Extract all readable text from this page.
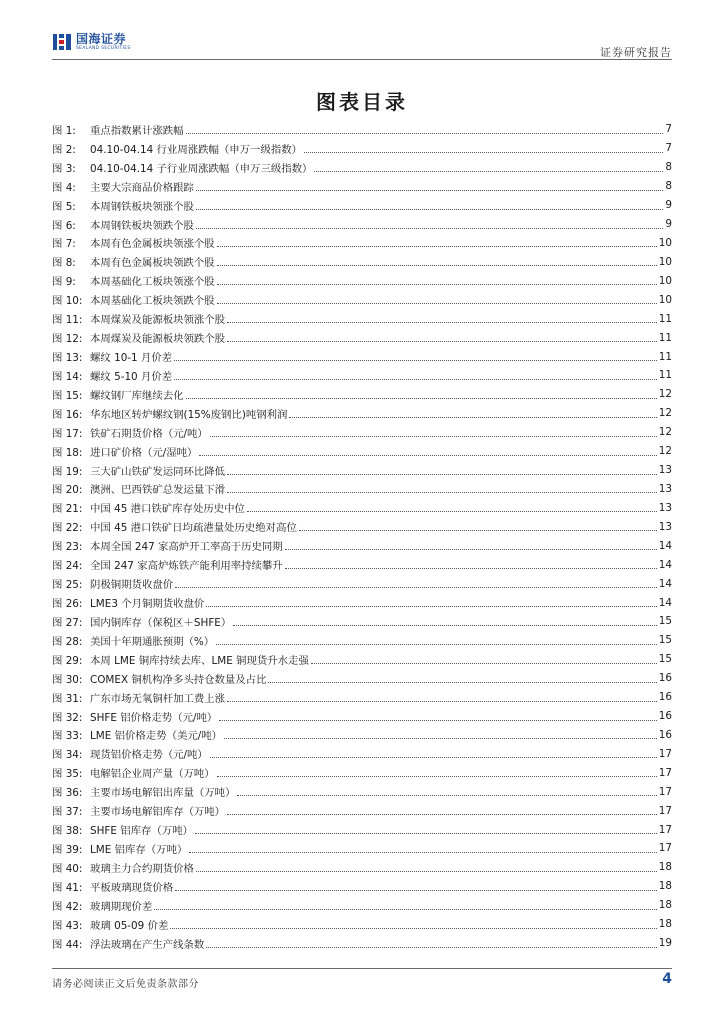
国海证券
SEALAND SECURITIES	证券研究报告
图表目录
图 1:	重点指数累计涨跌幅	7
图 2:	04.10-04.14 行业周涨跌幅（申万一级指数）	7
图 3:	04.10-04.14 子行业周涨跌幅（申万三级指数）	8
图 4:	主要大宗商品价格跟踪	8
图 5:	本周钢铁板块领涨个股	9
图 6:	本周钢铁板块领跌个股	9
图 7:	本周有色金属板块领涨个股	10
图 8:	本周有色金属板块领跌个股	10
图 9:	本周基础化工板块领涨个股	10
图 10: 本周基础化工板块领跌个股	10
图 11: 本周煤炭及能源板块领涨个股	11
图 12: 本周煤炭及能源板块领跌个股	11
图 13: 螺纹 10-1 月价差	11
图 14: 螺纹 5-10 月价差	11
图 15: 螺纹钢厂库继续去化	12
图 16: 华东地区转炉螺纹钢(15%废钢比)吨钢利润	12
图 17: 铁矿石期货价格（元/吨）	12
图 18: 进口矿价格（元/湿吨）	12
图 19: 三大矿山铁矿发运同环比降低	13
图 20: 澳洲、巴西铁矿总发运量下滑	13
图 21: 中国 45 港口铁矿库存处历史中位	13
图 22: 中国 45 港口铁矿日均疏港量处历史绝对高位	13
图 23: 本周全国 247 家高炉开工率高于历史同期	14
图 24: 全国 247 家高炉炼铁产能利用率持续攀升	14
图 25: 阴极铜期货收盘价	14
图 26: LME3 个月铜期货收盘价	14
图 27: 国内铜库存（保税区＋SHFE）	15
图 28: 美国十年期通胀预期（%）	15
图 29: 本周 LME 铜库持续去库、LME 铜现货升水走强	15
图 30: COMEX 铜机构净多头持仓数量及占比	16
图 31: 广东市场无氧铜杆加工费上涨	16
图 32: SHFE 铝价格走势（元/吨）	16
图 33: LME 铝价格走势（美元/吨）	16
图 34: 现货铝价格走势（元/吨）	17
图 35: 电解铝企业周产量（万吨）	17
图 36: 主要市场电解铝出库量（万吨）	17
图 37: 主要市场电解铝库存（万吨）	17
图 38: SHFE 铝库存（万吨）	17
图 39: LME 铝库存（万吨）	17
图 40: 玻璃主力合约期货价格	18
图 41: 平板玻璃现货价格	18
图 42: 玻璃期现价差	18
图 43: 玻璃 05-09 价差	18
图 44: 浮法玻璃在产生产线条数	19
请务必阅读正文后免责条款部分	4
